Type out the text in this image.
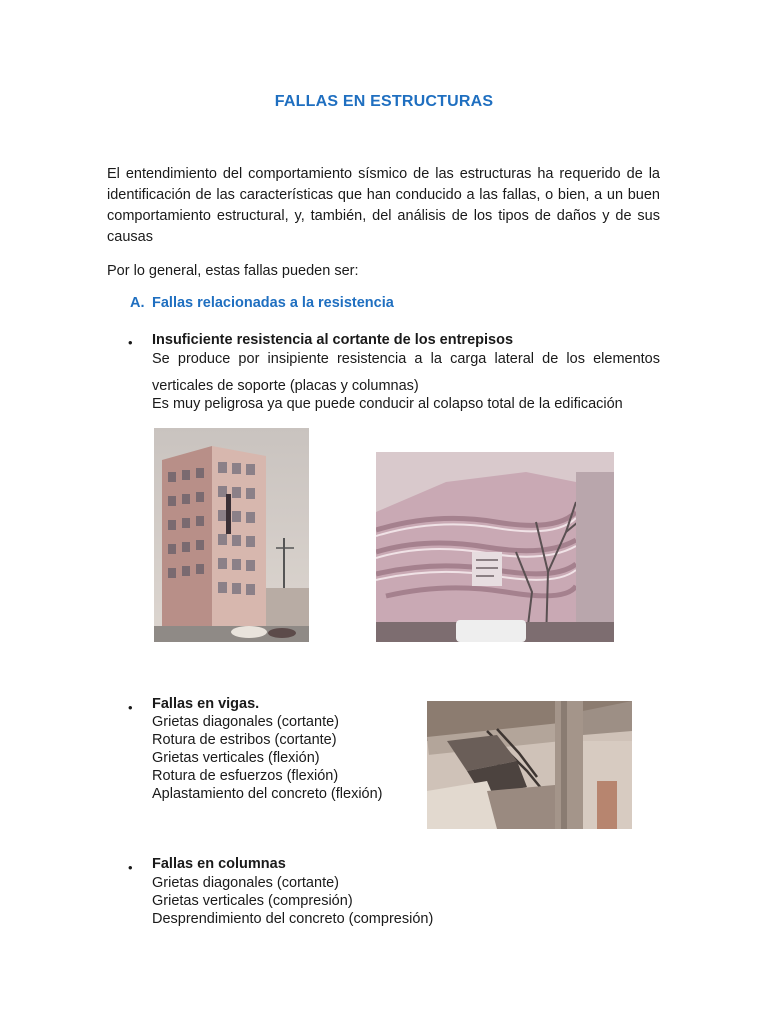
FALLAS EN ESTRUCTURAS
El entendimiento del comportamiento sísmico de las estructuras ha requerido de la identificación de las características que han conducido a las fallas, o bien, a un buen comportamiento estructural, y, también, del análisis de los tipos de daños y de sus causas
Por lo general, estas fallas pueden ser:
A. Fallas relacionadas a la resistencia
• Insuficiente resistencia al cortante de los entrepisos
Se produce por insipiente resistencia a la carga lateral de los elementos
verticales de soporte (placas y columnas)
Es muy peligrosa ya que puede conducir al colapso total de la edificación
• Fallas en vigas.
Grietas diagonales (cortante)
Rotura de estribos (cortante)
Grietas verticales (flexión)
Rotura de esfuerzos (flexión)
Aplastamiento del concreto (flexión)
• Fallas en columnas
Grietas diagonales (cortante)
Grietas verticales (compresión)
Desprendimiento del concreto (compresión)
